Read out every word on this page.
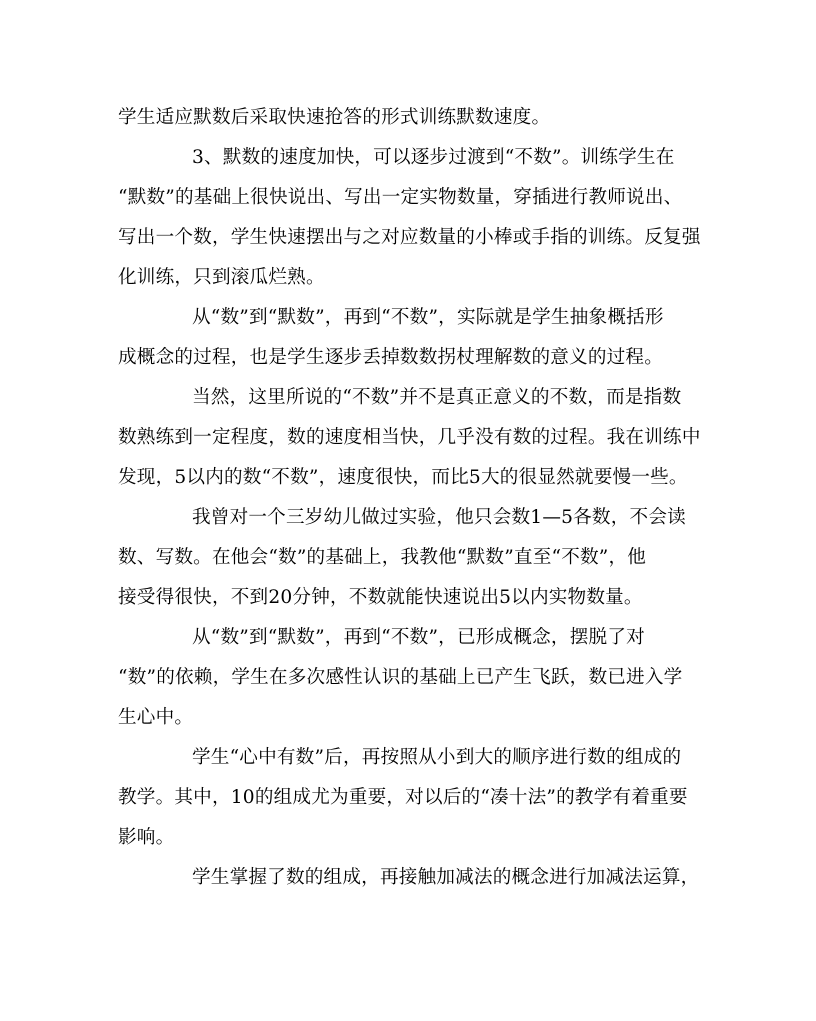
学生适应默数后采取快速抢答的形式训练默数速度。
3、默数的速度加快，可以逐步过渡到“不数”。训练学生在
“默数”的基础上很快说出、写出一定实物数量，穿插进行教师说出、
写出一个数，学生快速摆出与之对应数量的小棒或手指的训练。反复强
化训练，只到滚瓜烂熟。
从“数”到“默数”，再到“不数”，实际就是学生抽象概括形
成概念的过程，也是学生逐步丢掉数数拐杖理解数的意义的过程。
当然，这里所说的“不数”并不是真正意义的不数，而是指数
数熟练到一定程度，数的速度相当快，几乎没有数的过程。我在训练中
发现，5以内的数“不数”，速度很快，而比5大的很显然就要慢一些。
我曾对一个三岁幼儿做过实验，他只会数1—5各数，不会读
数、写数。在他会“数”的基础上，我教他“默数”直至“不数”，他
接受得很快，不到20分钟，不数就能快速说出5以内实物数量。
从“数”到“默数”，再到“不数”，已形成概念，摆脱了对
“数”的依赖，学生在多次感性认识的基础上已产生飞跃，数已进入学
生心中。
学生“心中有数”后，再按照从小到大的顺序进行数的组成的
教学。其中，10的组成尤为重要，对以后的“凑十法”的教学有着重要
影响。
学生掌握了数的组成，再接触加减法的概念进行加减法运算，
